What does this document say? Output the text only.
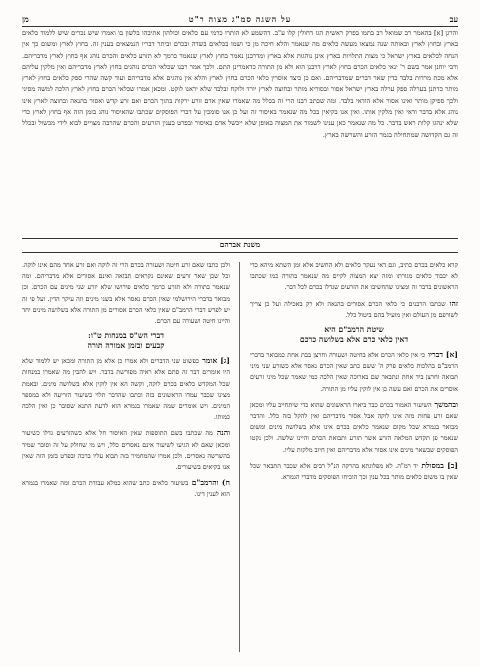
עב
על השגה סמ"ג מצוה ר"ט
מן
והרגן [א] בהאמר רב שמואל רב בתמו בפרק ראשית הגז דחולין קלו ע"ב. דהשמע לא הותרו כרמי עם כלאים וכולהון אתיבהו בלשון בו ואמרו שיש נכרים שיש ללמוד כלאים בארץ ובחוץ לארץ ובאותה שנה נמצאו מעשה כלאים מה שנאמר והלא חיכה מן כי ושמו בכלאים בשדה ובכרם וביתר דבריו הנמצאים בענין זה. בחוץ לארץ ומשום כך אין הנחה לכלאים בארץ ישראל כי מצות התלויות בארץ אינן נוהגות אלא בארץ ומדרבנן נאמר בחוץ לארץ שנאמר כרמך לא תזרע כלאים והכרם נוהג אף בחוץ לארץ מדבריהם. ורבי יוחנן אמר בשם ר' ינאי כלאים הכרם בחוץ לארץ דרבנן הוא ולא מן התורה כדאמרינן התם. ולכך אמר רבנו שכלאי הכרם נוהגים בחוץ לארץ מדבריהם ואין מלקין עליהם אלא מכת מרדות בלבד כדין שאר דברים שמדבריהם. ואם כן כיצד אוסרין כלאי הכרם בחוץ לארץ והלא אין נוהגים אלא מדבריהם ועוד קשה שהרי ספק כלאים בחוץ לארץ מותר כדתנן בערלה ספק ערלה בארץ ישראל אסור ובסוריא מותר ובחוצה לארץ יורד ולוקח ובלבד שלא יראנו לוקט. ומכאן אמרו שכלאי הכרם בחוץ לארץ הלכה למשה מסיני ולכך ספיקן מותר ואינו אסור אלא הודאי בלבד. ומה שכתב רבנו הרי זה בכלל מה שאמרו שאין אדם זורע ירקות בתוך הכרם ואם זרע קדש ואסור בהנאה ובחוצה לארץ אינו נוהג אלא בדבר ודאי ואין מלקין אותו. ואין אנו בקיאין בכל מה שנאמר באיסור זה ועל כן אנו סומכין על דברי הפוסקים שכתבו שהאיסור נוהג בזמן הזה אף בחוץ לארץ כדי שלא ינהגו קלות ראש בדבר. כל מה שנאמר כאן ענינו לשמור את המצוה באופן שלא ייכשל אדם באיסור ובפרט בענין הזרעים והכרם שהרבה מצויים לבוא לידי מכשול ובכלל זה גם הקדושה שמתחילה בגמר הזרע והשרשה בארץ.
משנת אברהם

קרא כלאים בכרם כתיב, וגם דאי נעקר כלאים ולא החשיב אלא זמן השתא מיהא כדי לא יכבוד כלאים מגורתו ומזה יצא המצוה לקיים מה שנאמר בתורה כמו שכתבו הראשונים בדבר זה ומצינו שהחשיבו את הזרעים שגדלו בכרם לכל דבר.

זהו שכתבו הרבנים כי כלאי הכרם אסורים בהנאה ולא רק באכילה ועל כן צריך לשורפם מן העולם ואין מועיל בהם ביטול כלל.

שיטת הרמב"ם היא
דאין כלאי כרם אלא בשלושה כרכם

[א] דבריו כי אין כלאי הכרם אלא בחיטה ושעורה וחרצן בבת אחת כמבואר בדברי הרמב"ם בהלכות כלאים פרק ה' ששם כתב שאין הכרם נאסר אלא כשזרע שני מיני תבואה וחרצן ביד אחת ונתבאר שם בארוכה שאין הלכה כמי שאמר שכל מיני זרעים אוסרים את הכרם ואם עשה כן אין לוקין עליו מן התורה.

ובהמשך השיעור האמור בכרם כבר ביארו הראשונים שהוא כדי שיתחייב עליו ומכאן שאם זרע פחות מזה אינו לוקה אבל אסור מדבריהם ואין להקל בזה כלל. והדבר מבואר בגמרא שכל מקום שנאמר כלאים בכרם אינו אלא בשלושה מינים ומשום שנאמר פן תקדש המלאה הזרע אשר תזרע ותבואת הכרם והיינו שלשה. ולכן נקטו הפוסקים שבשאר מינים אינו אסור אלא מדבריהם ואין חיוב מלקות עליו.

[ב] במסולת יד רמ"ה. לא מפלוגתא בהרקה הנ"ל רבים אלא שכבר התבאר שכל שאין בו משום כלאים מותר בכל ענין וכך הוכיחו הפוסקים מדברי הגמרא.

ולכן כתבו שאם זרע חיטה ושעורה בכרם הרי זה לוקה ואם זרע אחד מהם אינו לוקה. וכל שכן שאר זרעים שאינם נקראים תבואה ואינם אסורים אלא מדבריהם. ומה שנאמר בתורה ולא תזרע כרמך כלאים פירושו שלא יזרע שני מינים עם הכרם. וכן מבואר בדברי הירושלמי שאין הכרם נאסר אלא בשני מינים וזה עיקר הדין. ועל פי זה יש לפרש דברי הרמב"ם שאין כלאי הכרם אסורים מן התורה אלא בשלושה מינים יחד והיינו חיטה ושעורה עם הכרם.

דברי הש"ס במנחות ט"ו:
קבעים ובזמן אמורה תורה

[ג] אומר כפשוט שני הדברים ולא אמרו כן אלא מן התורה ומכאן יש ללמוד שלא היו אומרים דבר זה סתם אלא ראיה מפורשת בדבר. ויש להבין מה שאמרו במנחות שכל המקדש כלאים בכרם לוקה, וקשה הא אין לוקין אלא בשלושה מינים. ובאמת מצינו שכבר עמדו הראשונים בזה וכתבו שהדבר תלוי בשיעור הזריעה ולא במספר המינים. ויש אומרים שמה שאמרו בגמרא הוא לדעת התנא שסובר כן ואין הלכה כמותו.

והנה מה שכתבו בשם התוספות שאין האיסור חל אלא כשהזרעים גדלו כשיעור ומכאן שאם לא הגיעו לשיעור אינם נאסרים כלל, ויש מי שחולק על זה וסובר שמיד בהשרשה נאסרים. ולכן אמרו שהמחמיר בזה תבוא עליו ברכה ובפרט בזמן הזה שאין אנו בקיאים בשיעורים.

ח) והרמב"ם בשיעור כלאים כתב שהוא כמלא עבודת הכרם ומה שאמרו בגמרא הוא לענין דינו.
